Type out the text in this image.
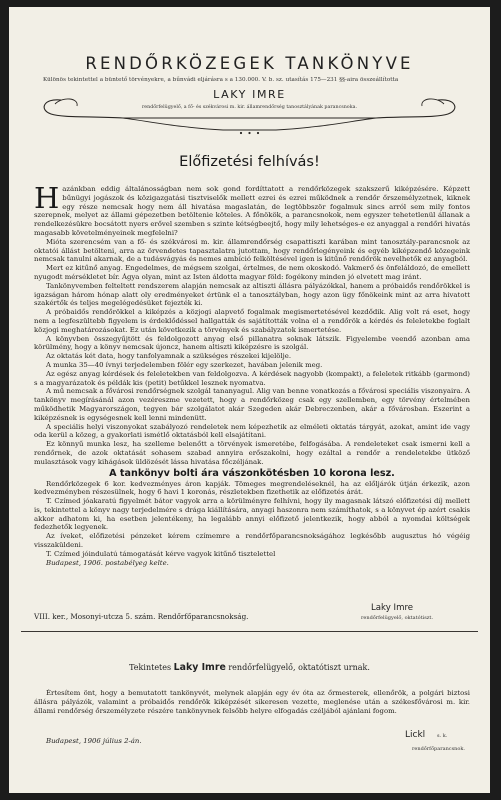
RENDŐRKÖZEGEK TANKÖNYVE
Különös tekintettel a büntető törvényekre, a bűnvádi eljárásra s a 130.000. V. b. sz. utasítás 175—231 §§-aira összeállította
LAKY IMRE
rendőrfelügyelő, a fő- és székvárosi m. kir. államrendőrség tanosztályának parancsnoka.
Előfizetési felhívás!

Hazánkban eddig általánosságban nem sok gond fordíttatott a rendőrközegek szakszerű kiképzésére. Képzett bűnügyi jogászok és közigazgatási tisztviselők mellett ezrei és ezrei működnek a rendőr őrszemélyzetnek, kiknek egy része nemcsak hogy nem áll hivatása magaslatán, de legtöbbször fogalmuk sincs arról sem mily fontos szerepnek, melyet az állami gépezetben betöltenie köteles. A főnökök, a parancsnokok, nem egyszer tehetetlenül állanak a rendelkezésükre bocsátott nyers erővel szemben s szinte kétségbeejtő, hogy mily lehetséges-e ez anyaggal a rendőri hivatás magasabb követelményeinek megfelelni?

Mióta szerencsém van a fő- és székvárosi m. kir. államrendőrség csapattiszti karában mint tanosztály-parancsnok az oktatói állást betölteni, arra az örvendetes tapasztalatra jutottam, hogy rendőrlegényeink és egyéb kiképzendő közegeink nemcsak tanulni akarnak, de a tudásvágyás és nemes ambíció felköltésével igen is kitűnő rendőrök nevelhetők ez anyagból.

Mert ez kitűnő anyag. Engedelmes, de mégsem szolgai, értelmes, de nem okoskodó. Vakmerő és önfeláldozó, de emellett nyugodt mérsékletet bír. Ágya olyan, mint az Isten áldotta magyar föld: fogékony minden jó elvetett mag iránt.

Tankönyvemben felteltett rendszerem alapján nemcsak az altiszti állásra pályázókkal, hanem a próbaidős rendőrökkel is igazságan három hónap alatt oly eredményeket értünk el a tanosztályban, hogy azon ügy főnökeink mint az arra hivatott szakértők és teljes megelégedésüket fejezték ki.

A próbaidős rendőrökkel a kiképzés a közjogi alapvető fogalmak megismertetésével kezdődik. Alig volt rá eset, hogy nem a legfeszültebb figyelem is érdeklődéssel hallgatták és sajátították volna el a rendőrök a kérdés és feleletekbe foglalt közjogi meghatározásokat. Ez után következik a törvények és szabályzatok ismertetése.

A könyvben összegyűjtött és feldolgozott anyag első pillanatra soknak látszik. Figyelembe veendő azonban ama körülmény, hogy a könyv nemcsak újoncz, hanem altiszti kiképzésre is szolgál.

Az oktatás két data, hogy tanfolyamnak a szükséges részekei kijelölje.

A munka 35—40 ívnyi terjedelemben fölér egy szerkezet, havában jelenik meg.

Az egész anyag kérdések és feleletekben van feldolgozva. A kérdések nagyobb (kompakt), a feleletek ritkább (garmond) s a magyarázatok és példák kis (petit) betűkkel lesznek nyomatva.

A mű nemcsak a fővárosi rendőrségnek szolgál tananyagul. Alig van benne vonatkozás a fővárosi speciális viszonyaira. A tankönyv megírásánál azon vezéreszme vezetett, hogy a rendőrközeg csak egy szellemben, egy törvény értelmében működhetik Magyarországon, tegyen bár szolgálatot akár Szegeden akár Debreczenben, akár a fővárosban. Eszerint a kiképzésnek is egységesnek kell lenni mindenütt.

A speciális helyi viszonyokat szabályozó rendeletek nem képezhetik az elméleti oktatás tárgyát, azokat, amint ide vagy oda kerül a közeg, a gyakorlati ismétlő oktatásból kell elsajátítani.

Ez könnyű munka lesz, ha szelleme belenőtt a törvények ismeretébe, felfogásába. A rendeleteket csak ismerni kell a rendőrnek, de azok oktatását sohasem szabad annyira erőszakolni, hogy ezáltal a rendőr a rendeletekbe ütköző mulasztások vagy kihágások üldözését lássa hivatása főczéljának.

A tankönyv bolti ára vászonkötésben 10 korona lesz.

Rendőrközegek 6 kor. kedvezményes áron kapják. Tömeges megrendeléseknél, ha az előljárók útján érkezik, azon kedvezményben részesülnek, hogy 6 havi 1 koronás, részletekben fizethetik az előfizetés árát.

T. Czímed jóakaratú figyelmét bátor vagyok arra a körülményre felhívni, hogy ily magasnak látszó előfizetési díj mellett is, tekintettel a könyv nagy terjedelmére s drága kiállítására, anyagi haszonra nem számíthatok, s a könyvet ép azért csakis akkor adhatom ki, ha esetben jelentékeny, ha legalább annyi előfizető jelentkezik, hogy abból a nyomdai költségek fedezhetők legyenek.

Az íveket, előfizetési pénzeket kérem czímemre a rendőrfőparancsnokságához legkésőbb augusztus hó végéig visszaküldeni.

T. Czímed jóindulatú támogatását kérve vagyok kitűnő tisztelettel

Budapest, 1906. postabélyeg kelte.

VIII. ker., Mosonyi-utcza 5. szám. Rendőrfőparancsnokság.
Laky Imre
rendőrfelügyelő, oktatótiszt.
Tekintetes Laky Imre rendőrfelügyelő, oktatótiszt urnak.
Értesítem önt, hogy a bemutatott tankönyvét, melynek alapján egy év óta az őrmesterek, ellenőrök, a polgári biztosi állásra pályázók, valamint a próbaidős rendőrök kiképzését sikeresen vezette, meglenése után a székesfővárosi m. kir. állami rendőrség őrszemélyzete részére tankönyvnek felsőbb helyre elfogadás czéljából ajánlani fogom.
Budapest, 1906 július 2-án.
Lickl s. k.
rendőrfőparancsnok.
